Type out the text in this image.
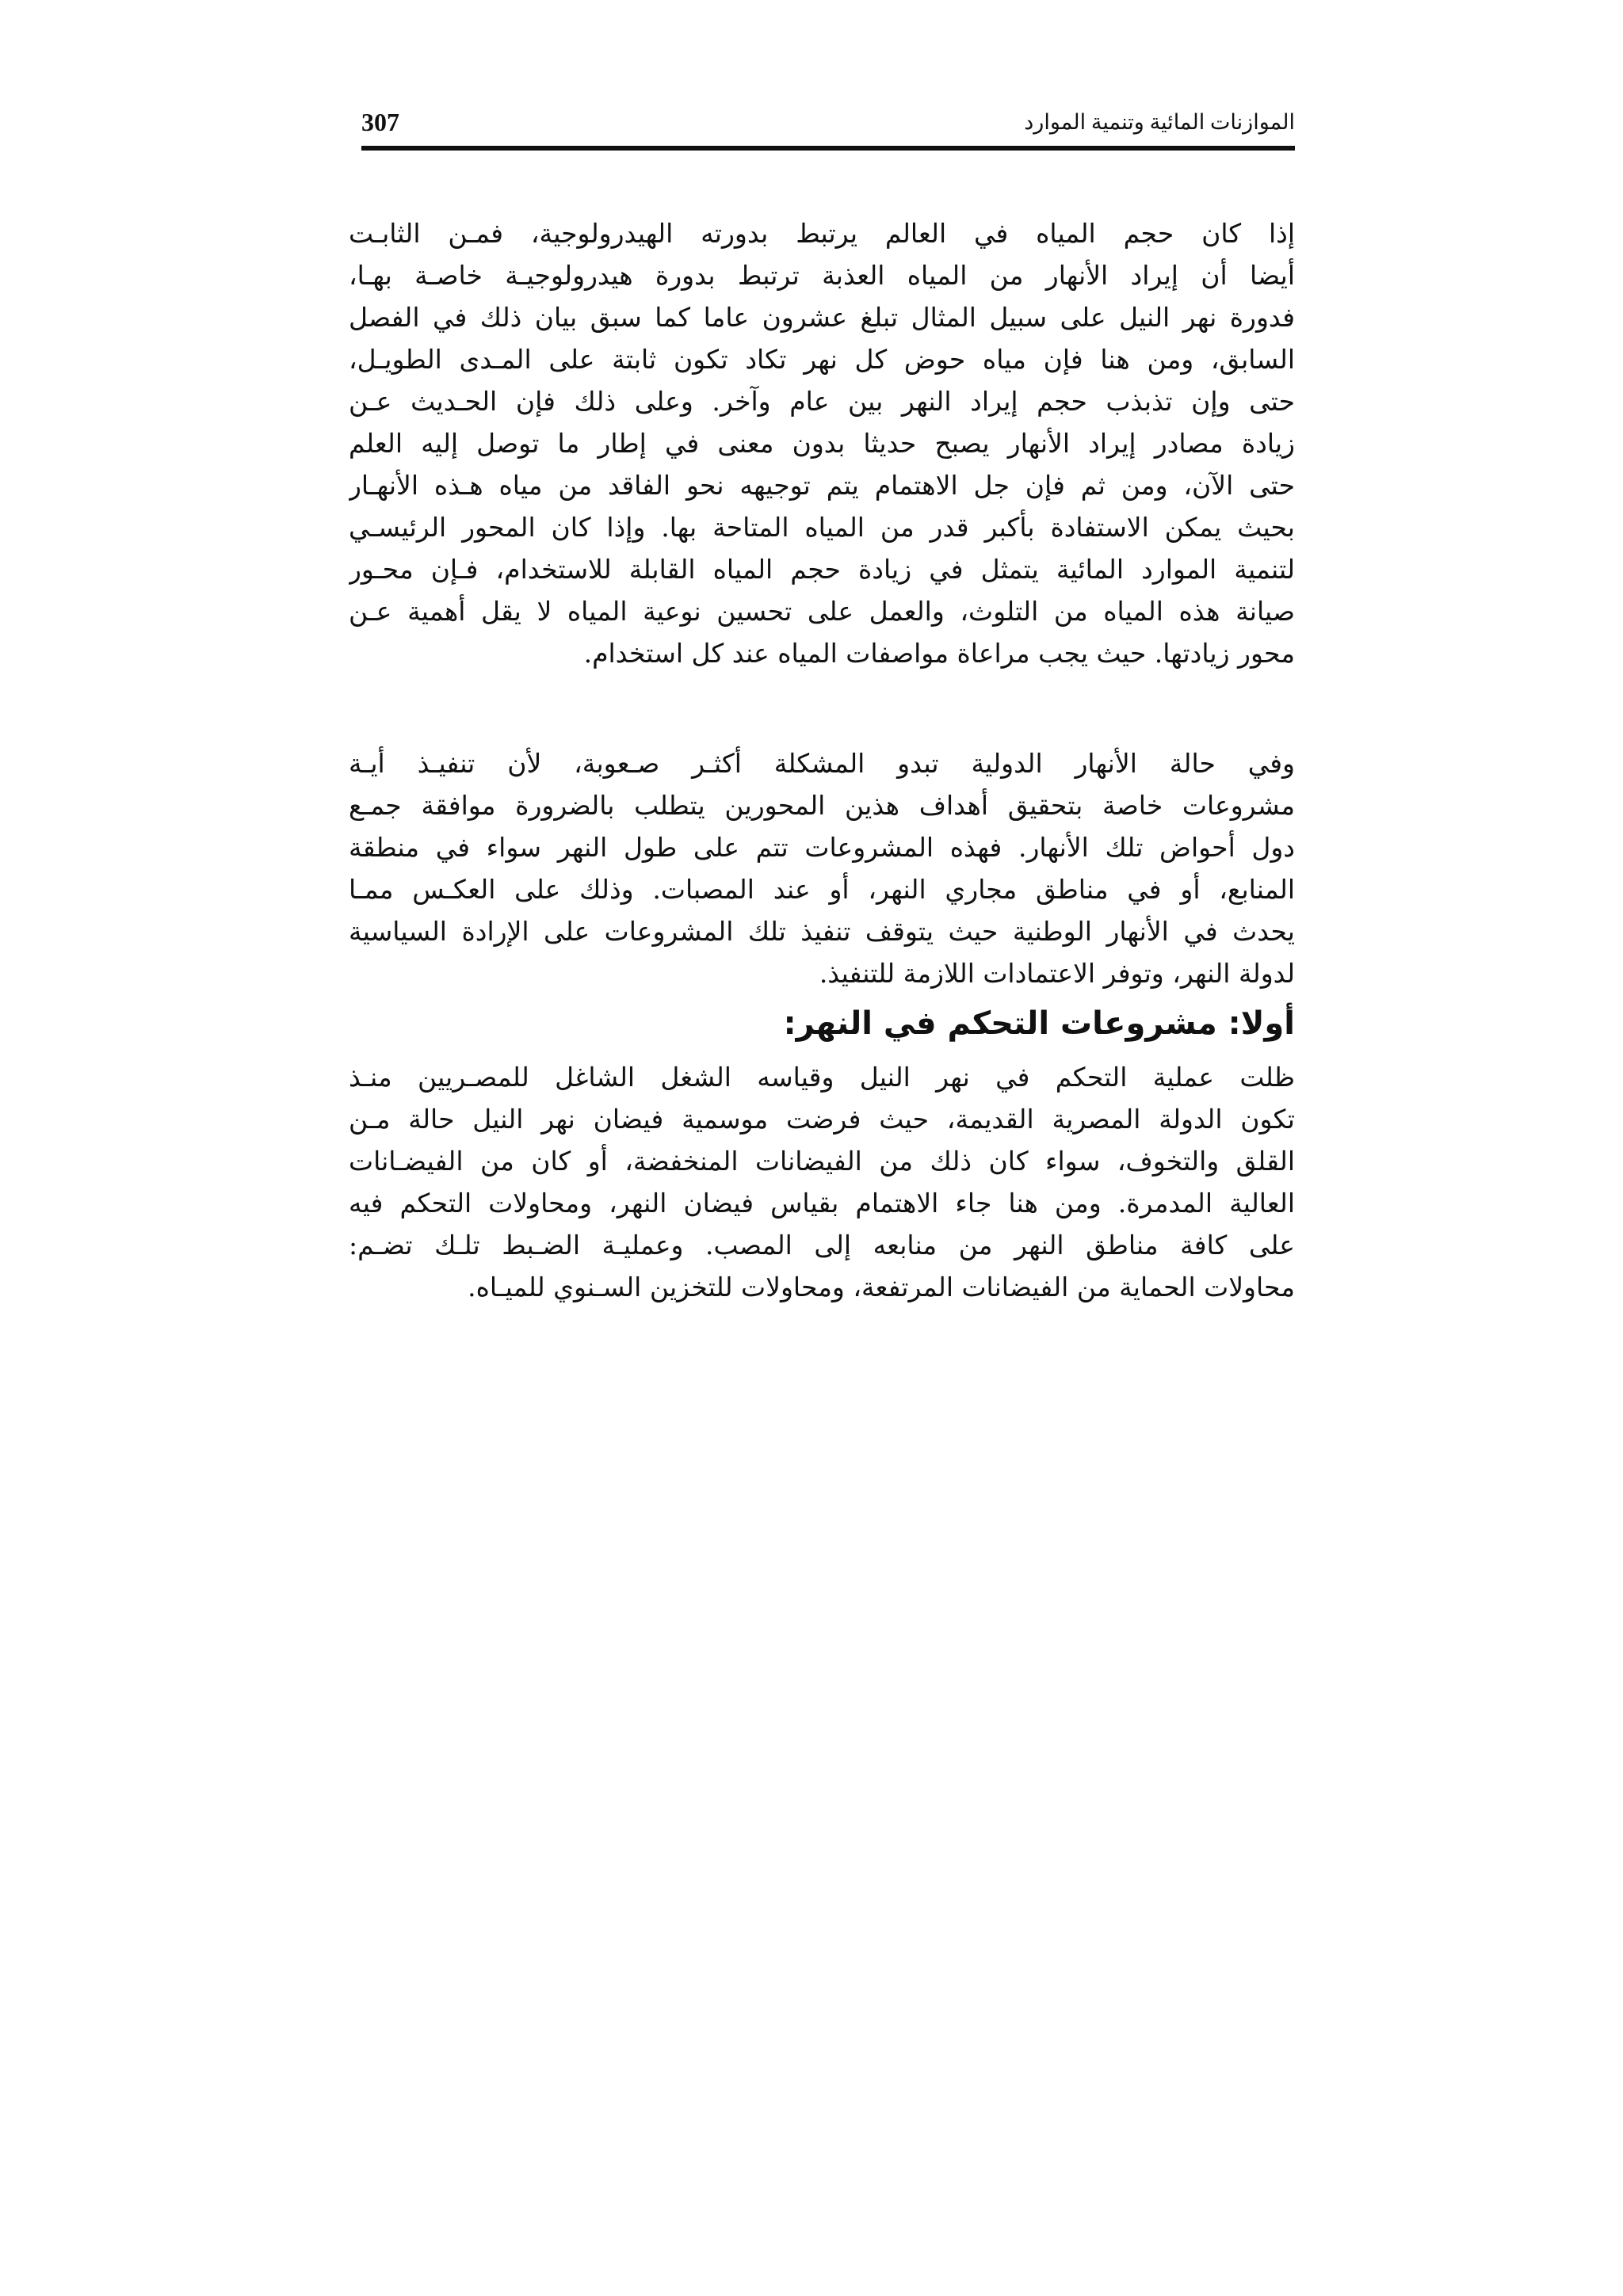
307	الموازنات المائية وتنمية الموارد

إذا كان حجم المياه في العالم يرتبط بدورته الهيدرولوجية، فمـن الثابـت
أيضا أن إيراد الأنهار من المياه العذبة ترتبط بدورة هيدرولوجيـة خاصـة بهـا،
فدورة نهر النيل على سبيل المثال تبلغ عشرون عاما كما سبق بيان ذلك في الفصل
السابق، ومن هنا فإن مياه حوض كل نهر تكاد تكون ثابتة على المـدى الطويـل،
حتى وإن تذبذب حجم إيراد النهر بين عام وآخر. وعلى ذلك فإن الحـديث عـن
زيادة مصادر إيراد الأنهار يصبح حديثا بدون معنى في إطار ما توصل إليه العلم
حتى الآن، ومن ثم فإن جل الاهتمام يتم توجيهه نحو الفاقد من مياه هـذه الأنهـار
بحيث يمكن الاستفادة بأكبر قدر من المياه المتاحة بها. وإذا كان المحور الرئيسـي
لتنمية الموارد المائية يتمثل في زيادة حجم المياه القابلة للاستخدام، فـإن محـور
صيانة هذه المياه من التلوث، والعمل على تحسين نوعية المياه لا يقل أهمية عـن
محور زيادتها. حيث يجب مراعاة مواصفات المياه عند كل استخدام.

وفي حالة الأنهار الدولية تبدو المشكلة أكثـر صـعوبة، لأن تنفيـذ أيـة
مشروعات خاصة بتحقيق أهداف هذين المحورين يتطلب بالضرورة موافقة جمـع
دول أحواض تلك الأنهار. فهذه المشروعات تتم على طول النهر سواء في منطقة
المنابع، أو في مناطق مجاري النهر، أو عند المصبات. وذلك على العكـس ممـا
يحدث في الأنهار الوطنية حيث يتوقف تنفيذ تلك المشروعات على الإرادة السياسية
لدولة النهر، وتوفر الاعتمادات اللازمة للتنفيذ.

أولا: مشروعات التحكم في النهر:

ظلت عملية التحكم في نهر النيل وقياسه الشغل الشاغل للمصـريين منـذ
تكون الدولة المصرية القديمة، حيث فرضت موسمية فيضان نهر النيل حالة مـن
القلق والتخوف، سواء كان ذلك من الفيضانات المنخفضة، أو كان من الفيضـانات
العالية المدمرة. ومن هنا جاء الاهتمام بقياس فيضان النهر، ومحاولات التحكم فيه
على كافة مناطق النهر من منابعه إلى المصب. وعمليـة الضـبط تلـك تضـم:
محاولات الحماية من الفيضانات المرتفعة، ومحاولات للتخزين السـنوي للميـاه.
